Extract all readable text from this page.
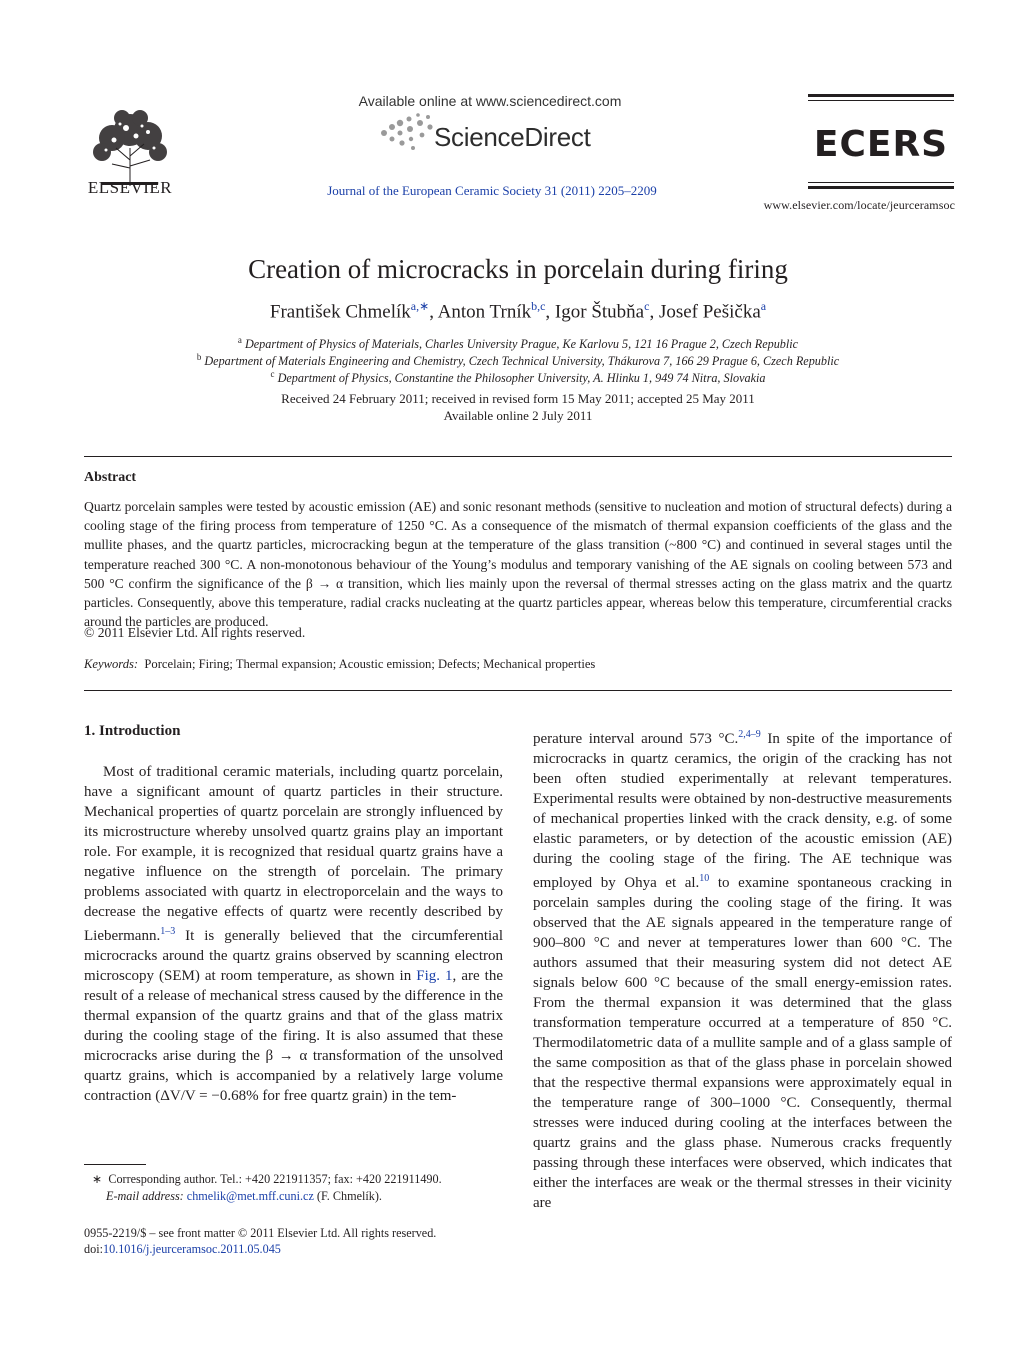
ELSEVIER
Available online at www.sciencedirect.com
ScienceDirect
Journal of the European Ceramic Society 31 (2011) 2205–2209
ECERS
www.elsevier.com/locate/jeurceramsoc
Creation of microcracks in porcelain during firing
František Chmelík$^{a,∗}$, Anton Trník$^{b,c}$, Igor Štubňa$^c$, Josef Pešička$^a$
$^a$ Department of Physics of Materials, Charles University Prague, Ke Karlovu 5, 121 16 Prague 2, Czech Republic
$^b$ Department of Materials Engineering and Chemistry, Czech Technical University, Thákurova 7, 166 29 Prague 6, Czech Republic
$^c$ Department of Physics, Constantine the Philosopher University, A. Hlinku 1, 949 74 Nitra, Slovakia
Received 24 February 2011; received in revised form 15 May 2011; accepted 25 May 2011
Available online 2 July 2011
Abstract
Quartz porcelain samples were tested by acoustic emission (AE) and sonic resonant methods (sensitive to nucleation and motion of structural defects) during a cooling stage of the firing process from temperature of 1250 °C. As a consequence of the mismatch of thermal expansion coefficients of the glass and the mullite phases, and the quartz particles, microcracking begun at the temperature of the glass transition (~800 °C) and continued in several stages until the temperature reached 300 °C. A non-monotonous behaviour of the Young’s modulus and temporary vanishing of the AE signals on cooling between 573 and 500 °C confirm the significance of the β → α transition, which lies mainly upon the reversal of thermal stresses acting on the glass matrix and the quartz particles. Consequently, above this temperature, radial cracks nucleating at the quartz particles appear, whereas below this temperature, circumferential cracks around the particles are produced.
© 2011 Elsevier Ltd. All rights reserved.
Keywords: Porcelain; Firing; Thermal expansion; Acoustic emission; Defects; Mechanical properties
1. Introduction
Most of traditional ceramic materials, including quartz porcelain, have a significant amount of quartz particles in their structure. Mechanical properties of quartz porcelain are strongly influenced by its microstructure whereby unsolved quartz grains play an important role. For example, it is recognized that residual quartz grains have a negative influence on the strength of porcelain. The primary problems associated with quartz in electroporcelain and the ways to decrease the negative effects of quartz were recently described by Liebermann.$^{1-3}$ It is generally believed that the circumferential microcracks around the quartz grains observed by scanning electron microscopy (SEM) at room temperature, as shown in Fig. 1, are the result of a release of mechanical stress caused by the difference in the thermal expansion of the quartz grains and that of the glass matrix during the cooling stage of the firing. It is also assumed that these microcracks arise during the β → α transformation of the unsolved quartz grains, which is accompanied by a relatively large volume contraction (ΔV/V = −0.68% for free quartz grain) in the tem-
perature interval around 573 °C.$^{2,4-9}$ In spite of the importance of microcracks in quartz ceramics, the origin of the cracking has not been often studied experimentally at relevant temperatures. Experimental results were obtained by non-destructive measurements of mechanical properties linked with the crack density, e.g. of some elastic parameters, or by detection of the acoustic emission (AE) during the cooling stage of the firing. The AE technique was employed by Ohya et al.$^{10}$ to examine spontaneous cracking in porcelain samples during the cooling stage of the firing. It was observed that the AE signals appeared in the temperature range of 900–800 °C and never at temperatures lower than 600 °C. The authors assumed that their measuring system did not detect AE signals below 600 °C because of the small energy-emission rates. From the thermal expansion it was determined that the glass transformation temperature occurred at a temperature of 850 °C. Thermodilatometric data of a mullite sample and of a glass sample of the same composition as that of the glass phase in porcelain showed that the respective thermal expansions were approximately equal in the temperature range of 300–1000 °C. Consequently, thermal stresses were induced during cooling at the interfaces between the quartz grains and the glass phase. Numerous cracks frequently passing through these interfaces were observed, which indicates that either the interfaces are weak or the thermal stresses in their vicinity are
∗ Corresponding author. Tel.: +420 221911357; fax: +420 221911490.
E-mail address: chmelik@met.mff.cuni.cz (F. Chmelík).
0955-2219/$ – see front matter © 2011 Elsevier Ltd. All rights reserved.
doi:10.1016/j.jeurceramsoc.2011.05.045
